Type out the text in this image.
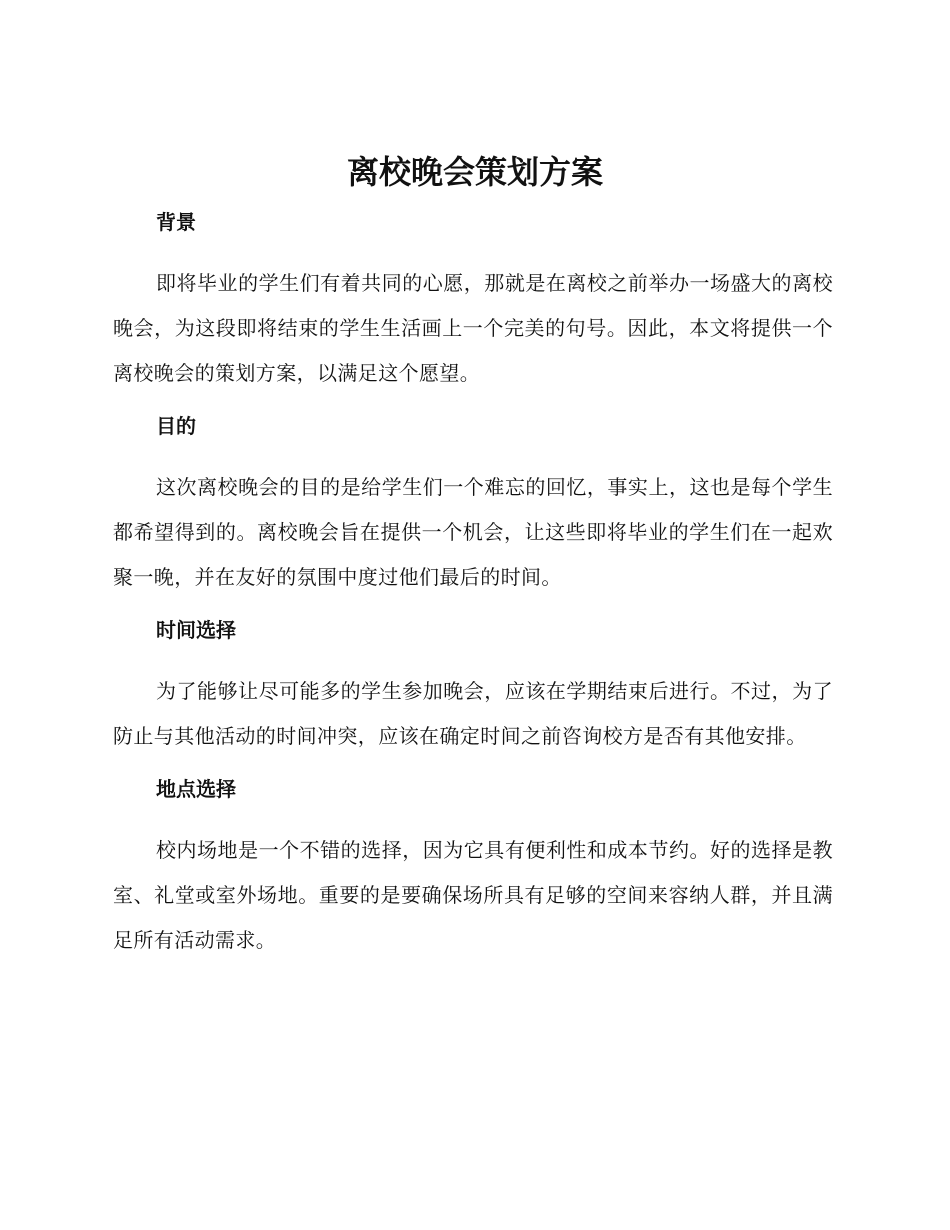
离校晚会策划方案
背景

即将毕业的学生们有着共同的心愿，那就是在离校之前举办一场盛大的离校晚会，为这段即将结束的学生生活画上一个完美的句号。因此，本文将提供一个离校晚会的策划方案，以满足这个愿望。

目的

这次离校晚会的目的是给学生们一个难忘的回忆，事实上，这也是每个学生都希望得到的。离校晚会旨在提供一个机会，让这些即将毕业的学生们在一起欢聚一晚，并在友好的氛围中度过他们最后的时间。

时间选择

为了能够让尽可能多的学生参加晚会，应该在学期结束后进行。不过，为了防止与其他活动的时间冲突，应该在确定时间之前咨询校方是否有其他安排。

地点选择

校内场地是一个不错的选择，因为它具有便利性和成本节约。好的选择是教室、礼堂或室外场地。重要的是要确保场所具有足够的空间来容纳人群，并且满足所有活动需求。
